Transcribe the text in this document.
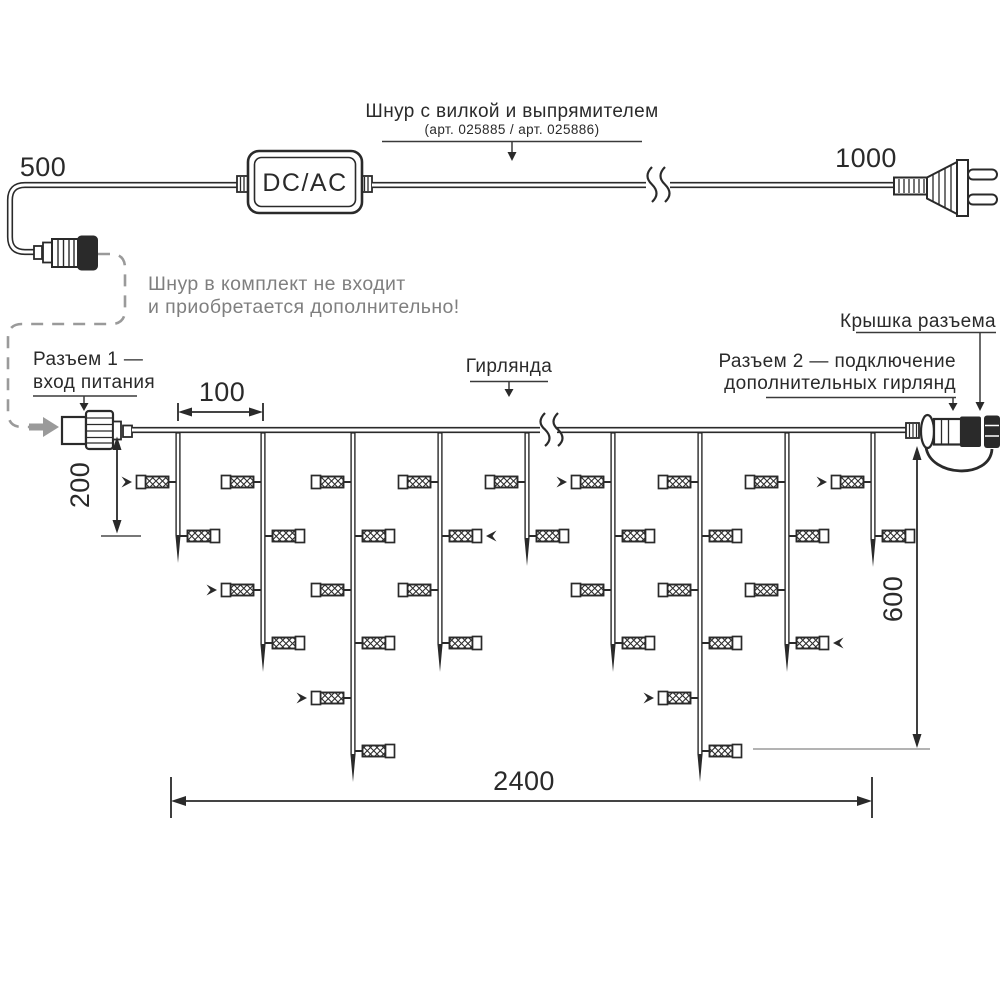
500
DC/AC
1000
Шнур с вилкой и выпрямителем
(арт. 025885 / арт. 025886)
Шнур в комплект не входит
и приобретается дополнительно!
Разъем 1 —
вход питания
Гирлянда	Разъем 2 — подключение
дополнительных гирлянд
Крышка разъема
100
200
600
2400
